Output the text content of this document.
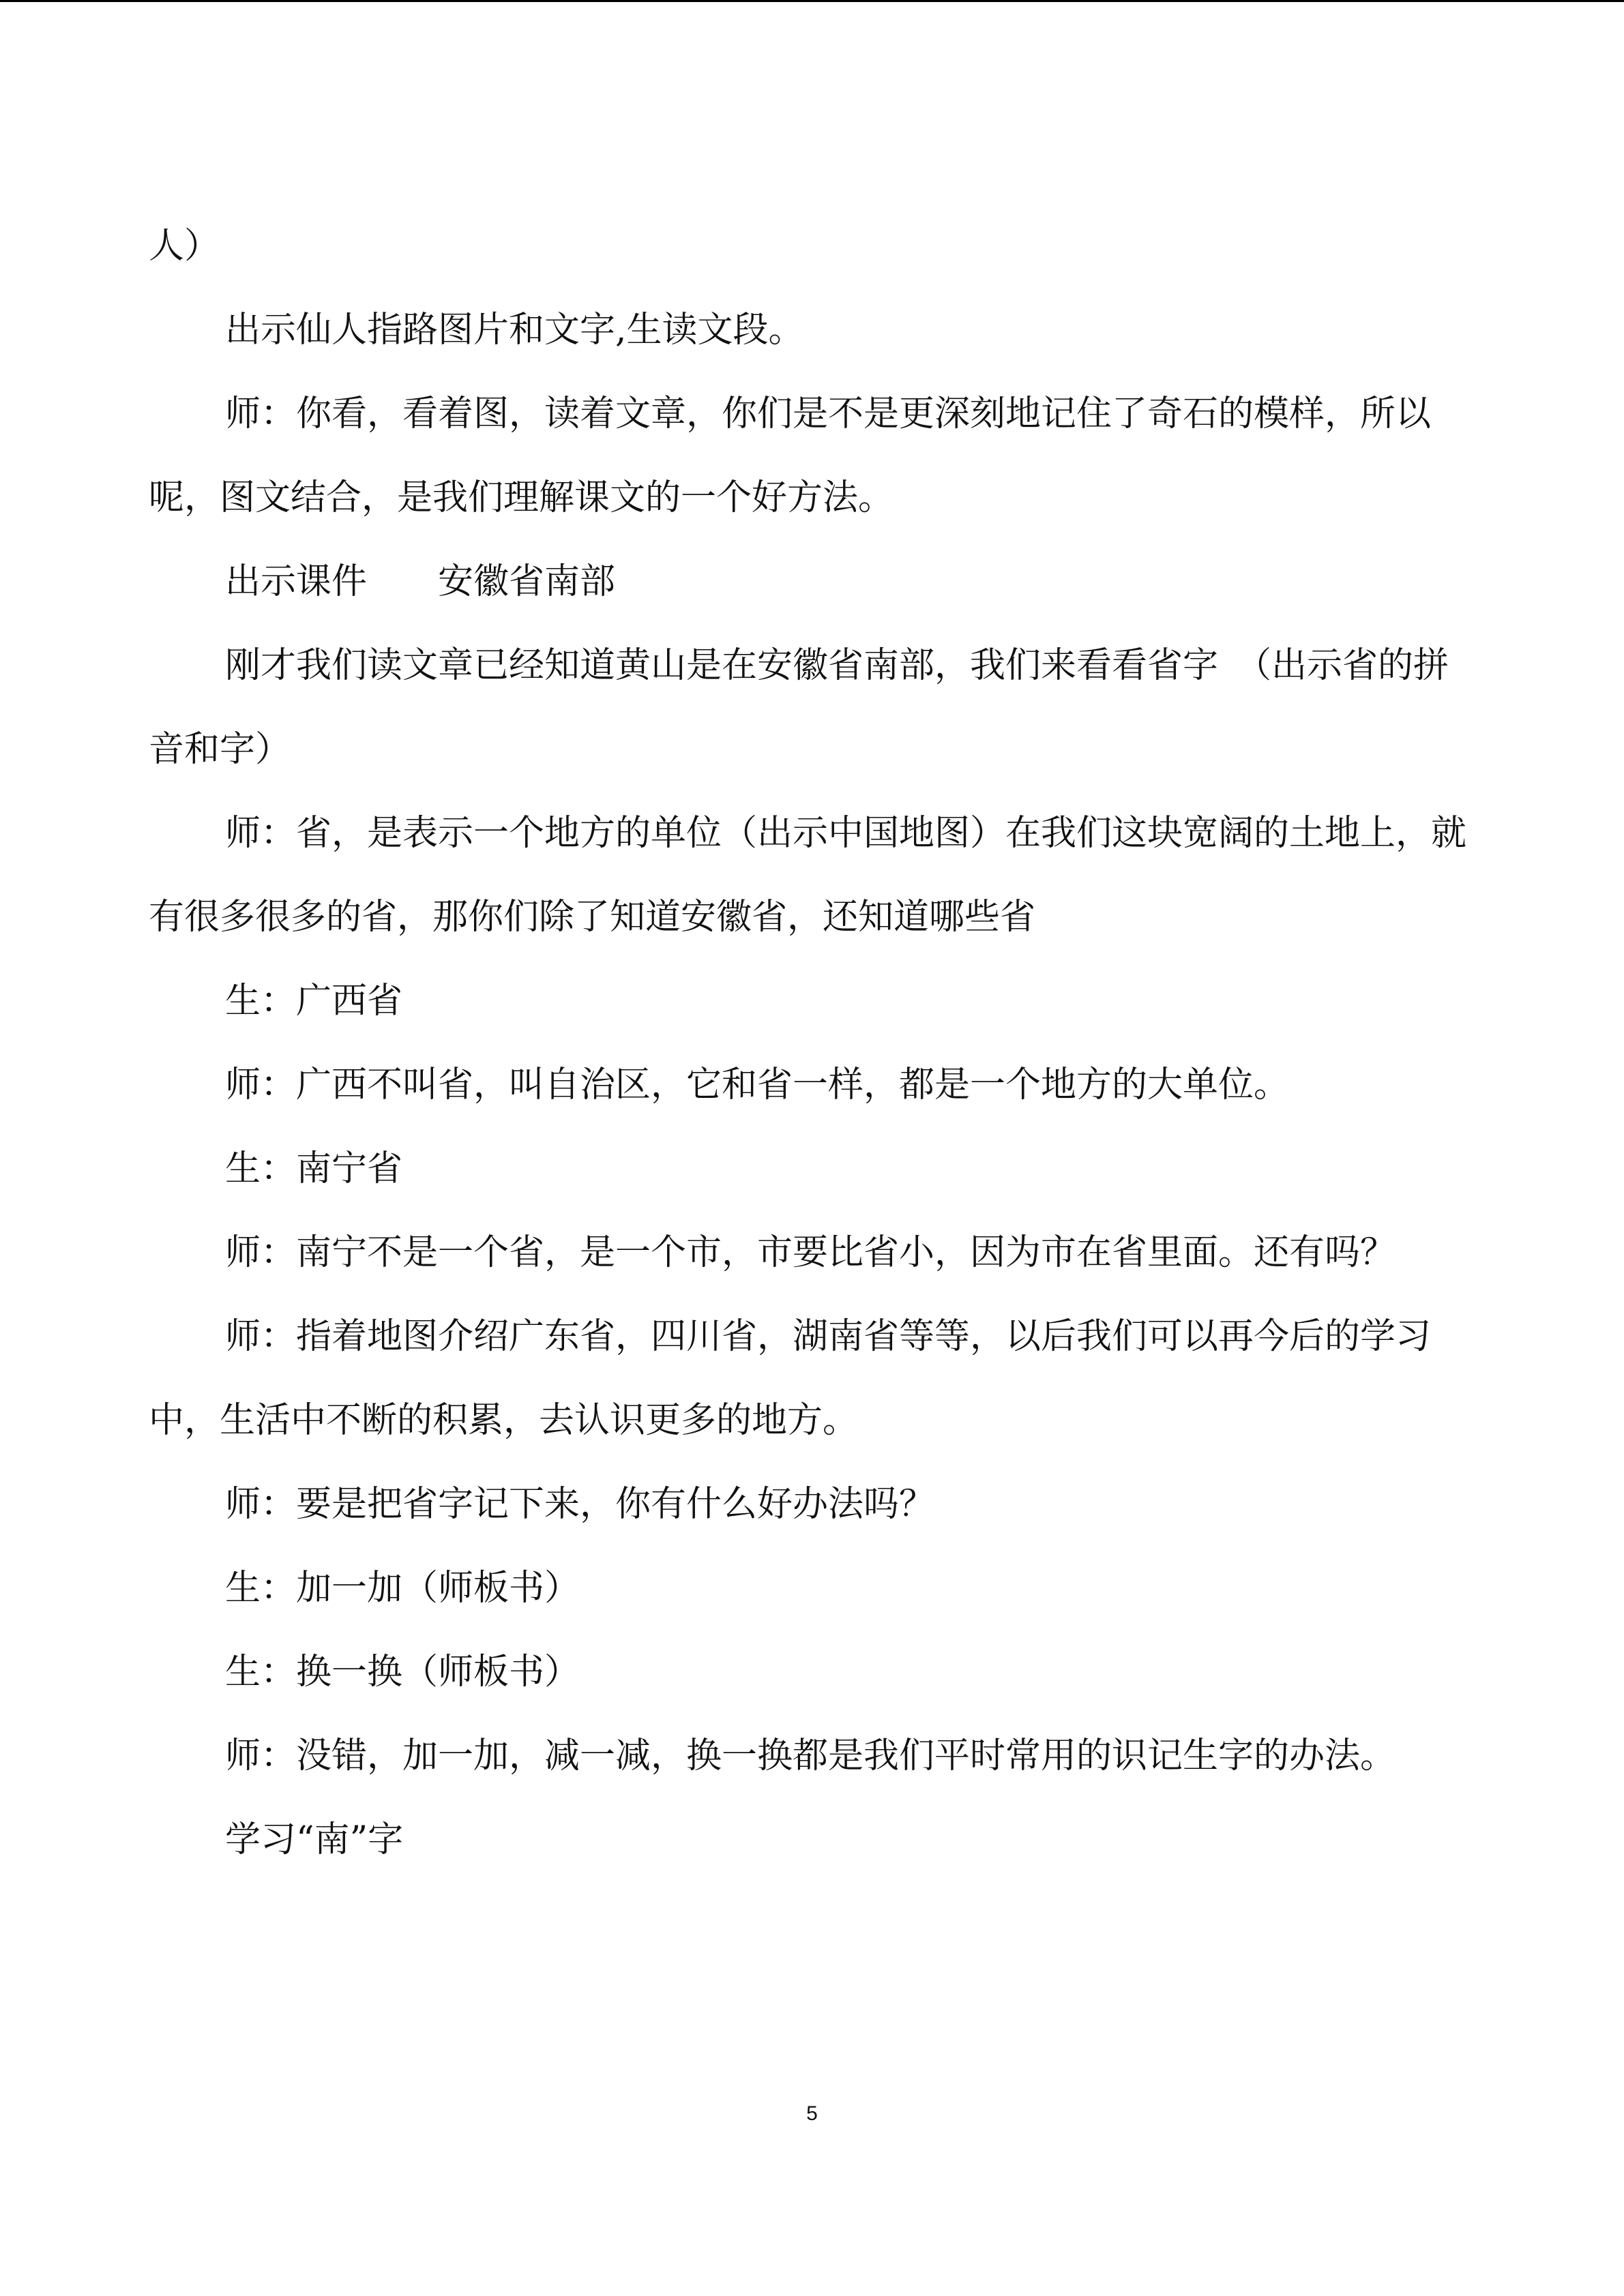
人）

出示仙人指路图片和文字,生读文段。

师：你看，看着图，读着文章，你们是不是更深刻地记住了奇石的模样，所以呢，图文结合，是我们理解课文的一个好方法。

出示课件　　安徽省南部

刚才我们读文章已经知道黄山是在安徽省南部，我们来看看省字　（出示省的拼音和字）

师：省，是表示一个地方的单位（出示中国地图）在我们这块宽阔的土地上，就有很多很多的省，那你们除了知道安徽省，还知道哪些省

生：广西省

师：广西不叫省，叫自治区，它和省一样，都是一个地方的大单位。

生：南宁省

师：南宁不是一个省，是一个市，市要比省小，因为市在省里面。还有吗？

师：指着地图介绍广东省，四川省，湖南省等等，以后我们可以再今后的学习中，生活中不断的积累，去认识更多的地方。

师：要是把省字记下来，你有什么好办法吗？

生：加一加（师板书）

生：换一换（师板书）

师：没错，加一加，减一减，换一换都是我们平时常用的识记生字的办法。

学习“南”字

5
